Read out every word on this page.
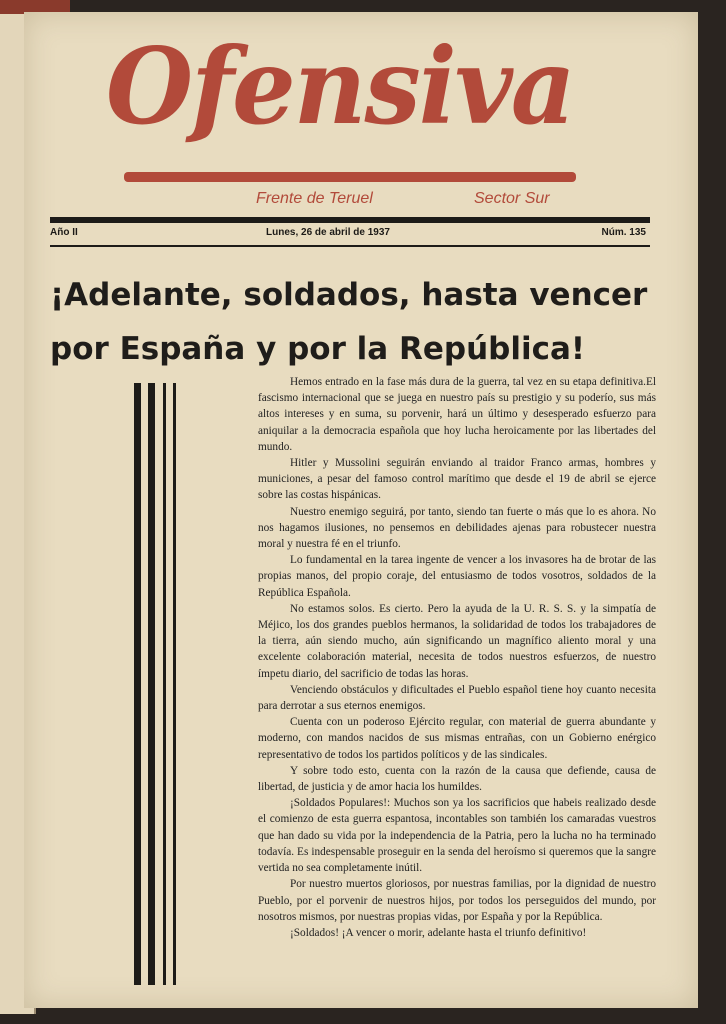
Ofensiva
Frente de Teruel	Sector Sur
Año II	Lunes, 26 de abril de 1937	Núm. 135
¡Adelante, soldados, hasta vencer
por España y por la República!

Hemos entrado en la fase más dura de la guerra, tal vez en su etapa definitiva.El fascismo internacional que se juega en nuestro país su prestigio y su poderío, sus más altos intereses y en suma, su porvenir, hará un último y desesperado esfuerzo para aniquilar a la democracia española que hoy lucha heroicamente por las libertades del mundo.

Hitler y Mussolini seguirán enviando al traidor Franco armas, hombres y municiones, a pesar del famoso control marítimo que desde el 19 de abril se ejerce sobre las costas hispánicas.

Nuestro enemigo seguirá, por tanto, siendo tan fuerte o más que lo es ahora. No nos hagamos ilusiones, no pensemos en debilidades ajenas para robustecer nuestra moral y nuestra fé en el triunfo.

Lo fundamental en la tarea ingente de vencer a los invasores ha de brotar de las propias manos, del propio coraje, del entusiasmo de todos vosotros, soldados de la República Española.

No estamos solos. Es cierto. Pero la ayuda de la U. R. S. S. y la simpatía de Méjico, los dos grandes pueblos hermanos, la solidaridad de todos los trabajadores de la tierra, aún siendo mucho, aún significando un magnífico aliento moral y una excelente colaboración material, necesita de todos nuestros esfuerzos, de nuestro ímpetu diario, del sacrificio de todas las horas.

Venciendo obstáculos y dificultades el Pueblo español tiene hoy cuanto necesita para derrotar a sus eternos enemigos.

Cuenta con un poderoso Ejército regular, con material de guerra abundante y moderno, con mandos nacidos de sus mismas entrañas, con un Gobierno enérgico representativo de todos los partidos políticos y de las sindicales.

Y sobre todo esto, cuenta con la razón de la causa que defiende, causa de libertad, de justicia y de amor hacia los humildes.

¡Soldados Populares!: Muchos son ya los sacrificios que habeis realizado desde el comienzo de esta guerra espantosa, incontables son también los camaradas vuestros que han dado su vida por la independencia de la Patria, pero la lucha no ha terminado todavía. Es indespensable proseguir en la senda del heroísmo si queremos que la sangre vertida no sea completamente inútil.

Por nuestro muertos gloriosos, por nuestras familias, por la dignidad de nuestro Pueblo, por el porvenir de nuestros hijos, por todos los perseguidos del mundo, por nosotros mismos, por nuestras propias vidas, por España y por la República.

¡Soldados! ¡A vencer o morir, adelante hasta el triunfo definitivo!
